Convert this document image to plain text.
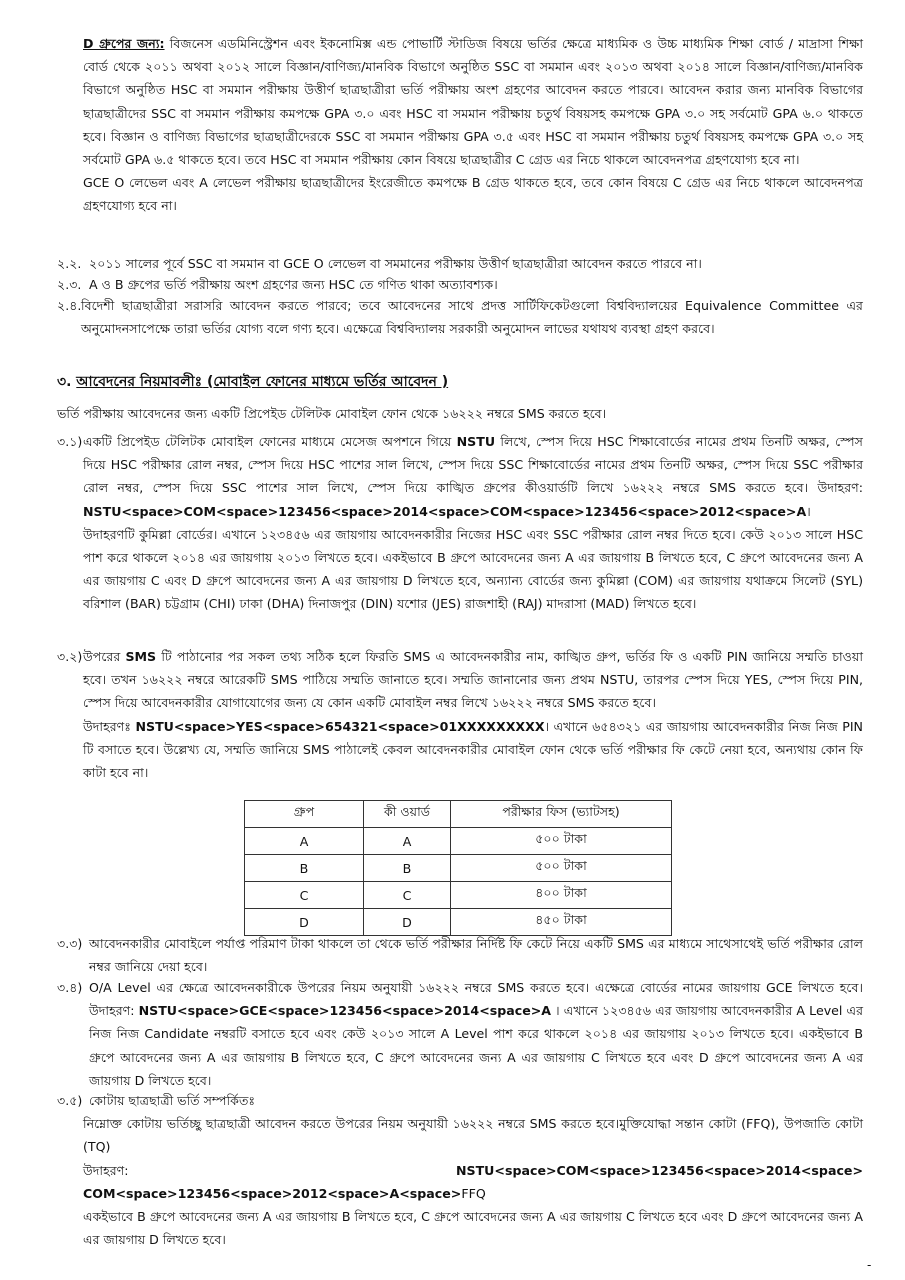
D গ্রুপের জন্য: বিজনেস এডমিনিস্ট্রেশন এবং ইকনোমিক্স এন্ড পোভার্টি স্টাডিজ বিষয়ে ভর্তির ক্ষেত্রে মাধ্যমিক ও উচ্চ মাধ্যমিক শিক্ষা বোর্ড / মাদ্রাসা শিক্ষা বোর্ড থেকে ২০১১ অথবা ২০১২ সালে বিজ্ঞান/বাণিজ্য/মানবিক বিভাগে অনুষ্ঠিত SSC বা সমমান এবং ২০১৩ অথবা ২০১৪ সালে বিজ্ঞান/বাণিজ্য/মানবিক বিভাগে অনুষ্ঠিত HSC বা সমমান পরীক্ষায় উত্তীর্ণ ছাত্রছাত্রীরা ভর্তি পরীক্ষায় অংশ গ্রহণের আবেদন করতে পারবে। আবেদন করার জন্য মানবিক বিভাগের ছাত্রছাত্রীদের SSC বা সমমান পরীক্ষায় কমপক্ষে GPA ৩.০ এবং HSC বা সমমান পরীক্ষায় চতুর্থ বিষয়সহ কমপক্ষে GPA ৩.০ সহ সর্বমোট GPA ৬.০ থাকতে হবে। বিজ্ঞান ও বাণিজ্য বিভাগের ছাত্রছাত্রীদেরকে SSC বা সমমান পরীক্ষায় GPA ৩.৫ এবং HSC বা সমমান পরীক্ষায় চতুর্থ বিষয়সহ কমপক্ষে GPA ৩.০ সহ সর্বমোট GPA ৬.৫ থাকতে হবে। তবে HSC বা সমমান পরীক্ষায় কোন বিষয়ে ছাত্রছাত্রীর C গ্রেড এর নিচে থাকলে আবেদনপত্র গ্রহণযোগ্য হবে না।

GCE O লেভেল এবং A লেভেল পরীক্ষায় ছাত্রছাত্রীদের ইংরেজীতে কমপক্ষে B গ্রেড থাকতে হবে, তবে কোন বিষয়ে C গ্রেড এর নিচে থাকলে আবেদনপত্র গ্রহণযোগ্য হবে না।

২.২. ২০১১ সালের পূর্বে SSC বা সমমান বা GCE O লেভেল বা সমমানের পরীক্ষায় উত্তীর্ণ ছাত্রছাত্রীরা আবেদন করতে পারবে না।

২.৩. A ও B গ্রুপের ভর্তি পরীক্ষায় অংশ গ্রহণের জন্য HSC তে গণিত থাকা অত্যাবশ্যক।

২.৪. বিদেশী ছাত্রছাত্রীরা সরাসরি আবেদন করতে পারবে; তবে আবেদনের সাথে প্রদত্ত সার্টিফিকেটগুলো বিশ্ববিদ্যালয়ের Equivalence Committee এর অনুমোদনসাপেক্ষে তারা ভর্তির যোগ্য বলে গণ্য হবে। এক্ষেত্রে বিশ্ববিদ্যালয় সরকারী অনুমোদন লাভের যথাযথ ব্যবস্থা গ্রহণ করবে।

৩. আবেদনের নিয়মাবলীঃ (মোবাইল ফোনের মাধ্যমে ভর্তির আবেদন )

ভর্তি পরীক্ষায় আবেদনের জন্য একটি প্রিপেইড টেলিটক মোবাইল ফোন থেকে ১৬২২২ নম্বরে SMS করতে হবে।

৩.১) একটি প্রিপেইড টেলিটক মোবাইল ফোনের মাধ্যমে মেসেজ অপশনে গিয়ে NSTU লিখে, স্পেস দিয়ে HSC শিক্ষাবোর্ডের নামের প্রথম তিনটি অক্ষর, স্পেস দিয়ে HSC পরীক্ষার রোল নম্বর, স্পেস দিয়ে HSC পাশের সাল লিখে, স্পেস দিয়ে SSC শিক্ষাবোর্ডের নামের প্রথম তিনটি অক্ষর, স্পেস দিয়ে SSC পরীক্ষার রোল নম্বর, স্পেস দিয়ে SSC পাশের সাল লিখে, স্পেস দিয়ে কাঙ্খিত গ্রুপের কীওয়ার্ডটি লিখে ১৬২২২ নম্বরে SMS করতে হবে। উদাহরণ: NSTU<space>COM<space>123456<space>2014<space>COM<space>123456<space>2012<space>A। উদাহরণটি কুমিল্লা বোর্ডের। এখানে ১২৩৪৫৬ এর জায়গায় আবেদনকারীর নিজের HSC এবং SSC পরীক্ষার রোল নম্বর দিতে হবে। কেউ ২০১৩ সালে HSC পাশ করে থাকলে ২০১৪ এর জায়গায় ২০১৩ লিখতে হবে। একইভাবে B গ্রুপে আবেদনের জন্য A এর জায়গায় B লিখতে হবে, C গ্রুপে আবেদনের জন্য A এর জায়গায় C এবং D গ্রুপে আবেদনের জন্য A এর জায়গায় D লিখতে হবে, অন্যান্য বোর্ডের জন্য কুমিল্লা (COM) এর জায়গায় যথাক্রমে সিলেট (SYL) বরিশাল (BAR) চট্টগ্রাম (CHI) ঢাকা (DHA) দিনাজপুর (DIN) যশোর (JES) রাজশাহী (RAJ) মাদরাসা (MAD) লিখতে হবে।

৩.২) উপরের SMS টি পাঠানোর পর সকল তথ্য সঠিক হলে ফিরতি SMS এ আবেদনকারীর নাম, কাঙ্খিত গ্রুপ, ভর্তির ফি ও একটি PIN জানিয়ে সম্মতি চাওয়া হবে। তখন ১৬২২২ নম্বরে আরেকটি SMS পাঠিয়ে সম্মতি জানাতে হবে। সম্মতি জানানোর জন্য প্রথম NSTU, তারপর স্পেস দিয়ে YES, স্পেস দিয়ে PIN, স্পেস দিয়ে আবেদনকারীর যোগাযোগের জন্য যে কোন একটি মোবাইল নম্বর লিখে ১৬২২২ নম্বরে SMS করতে হবে।

উদাহরণঃ NSTU<space>YES<space>654321<space>01XXXXXXXXX। এখানে ৬৫৪৩২১ এর জায়গায় আবেদনকারীর নিজ নিজ PIN টি বসাতে হবে। উল্লেখ্য যে, সম্মতি জানিয়ে SMS পাঠালেই কেবল আবেদনকারীর মোবাইল ফোন থেকে ভর্তি পরীক্ষার ফি কেটে নেয়া হবে, অন্যথায় কোন ফি কাটা হবে না।

গ্রুপ	কী ওয়ার্ড	পরীক্ষার ফিস (ভ্যাটসহ)
A	A	৫০০ টাকা
B	B	৫০০ টাকা
C	C	৪০০ টাকা
D	D	৪৫০ টাকা
৩.৩) আবেদনকারীর মোবাইলে পর্যাপ্ত পরিমাণ টাকা থাকলে তা থেকে ভর্তি পরীক্ষার নির্দিষ্ট ফি কেটে নিয়ে একটি SMS এর মাধ্যমে সাথেসাথেই ভর্তি পরীক্ষার রোল নম্বর জানিয়ে দেয়া হবে।

৩.৪) O/A Level এর ক্ষেত্রে আবেদনকারীকে উপরের নিয়ম অনুযায়ী ১৬২২২ নম্বরে SMS করতে হবে। এক্ষেত্রে বোর্ডের নামের জায়গায় GCE লিখতে হবে। উদাহরণ: NSTU<space>GCE<space>123456<space>2014<space>A । এখানে ১২৩৪৫৬ এর জায়গায় আবেদনকারীর A Level এর নিজ নিজ Candidate নম্বরটি বসাতে হবে এবং কেউ ২০১৩ সালে A Level পাশ করে থাকলে ২০১৪ এর জায়গায় ২০১৩ লিখতে হবে। একইভাবে B গ্রুপে আবেদনের জন্য A এর জায়গায় B লিখতে হবে, C গ্রুপে আবেদনের জন্য A এর জায়গায় C লিখতে হবে এবং D গ্রুপে আবেদনের জন্য A এর জায়গায় D লিখতে হবে।

৩.৫) কোটায় ছাত্রছাত্রী ভর্তি সম্পর্কিতঃ

নিম্নোক্ত কোটায় ভর্তিচ্ছু ছাত্রছাত্রী আবেদন করতে উপরের নিয়ম অনুযায়ী ১৬২২২ নম্বরে SMS করতে হবে।মুক্তিযোদ্ধা সন্তান কোটা (FFQ), উপজাতি কোটা (TQ)

উদাহরণ: NSTU<space>COM<space>123456<space>2014<space> COM<space>123456<space>2012<space>A<space>FFQ

একইভাবে B গ্রুপে আবেদনের জন্য A এর জায়গায় B লিখতে হবে, C গ্রুপে আবেদনের জন্য A এর জায়গায় C লিখতে হবে এবং D গ্রুপে আবেদনের জন্য A এর জায়গায় D লিখতে হবে।

-
